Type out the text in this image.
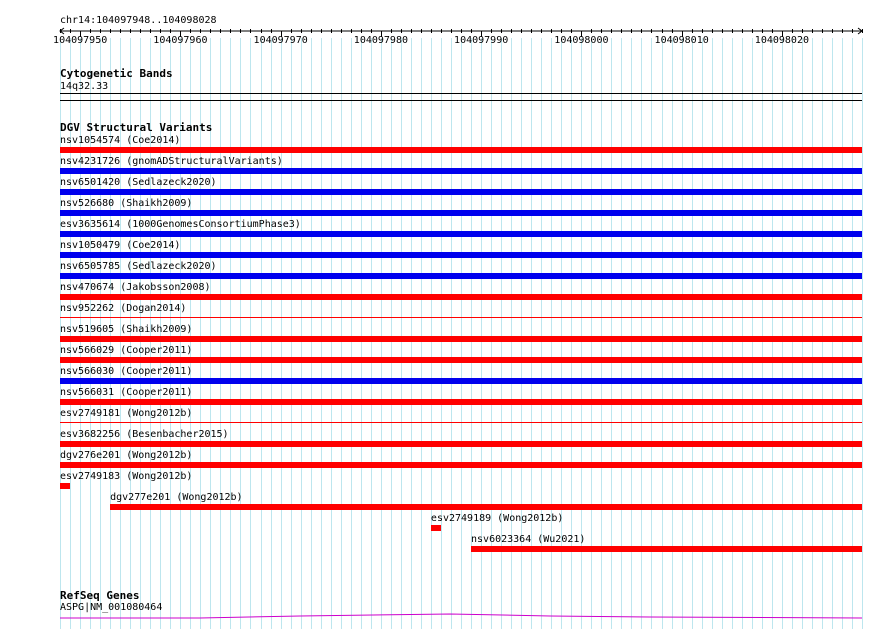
chr14:104097948..104098028
104097950	104097960	104097970	104097980	104097990	104098000	104098010	104098020
Cytogenetic Bands
14q32.33
DGV Structural Variants
nsv1054574 (Coe2014)
nsv4231726 (gnomADStructuralVariants)
nsv6501420 (Sedlazeck2020)
nsv526680 (Shaikh2009)
esv3635614 (1000GenomesConsortiumPhase3)
nsv1050479 (Coe2014)
nsv6505785 (Sedlazeck2020)
nsv470674 (Jakobsson2008)
nsv952262 (Dogan2014)
nsv519605 (Shaikh2009)
nsv566029 (Cooper2011)
nsv566030 (Cooper2011)
nsv566031 (Cooper2011)
esv2749181 (Wong2012b)
esv3682256 (Besenbacher2015)
dgv276e201 (Wong2012b)
esv2749183 (Wong2012b)
dgv277e201 (Wong2012b)
esv2749189 (Wong2012b)
nsv6023364 (Wu2021)
RefSeq Genes
ASPG|NM_001080464
